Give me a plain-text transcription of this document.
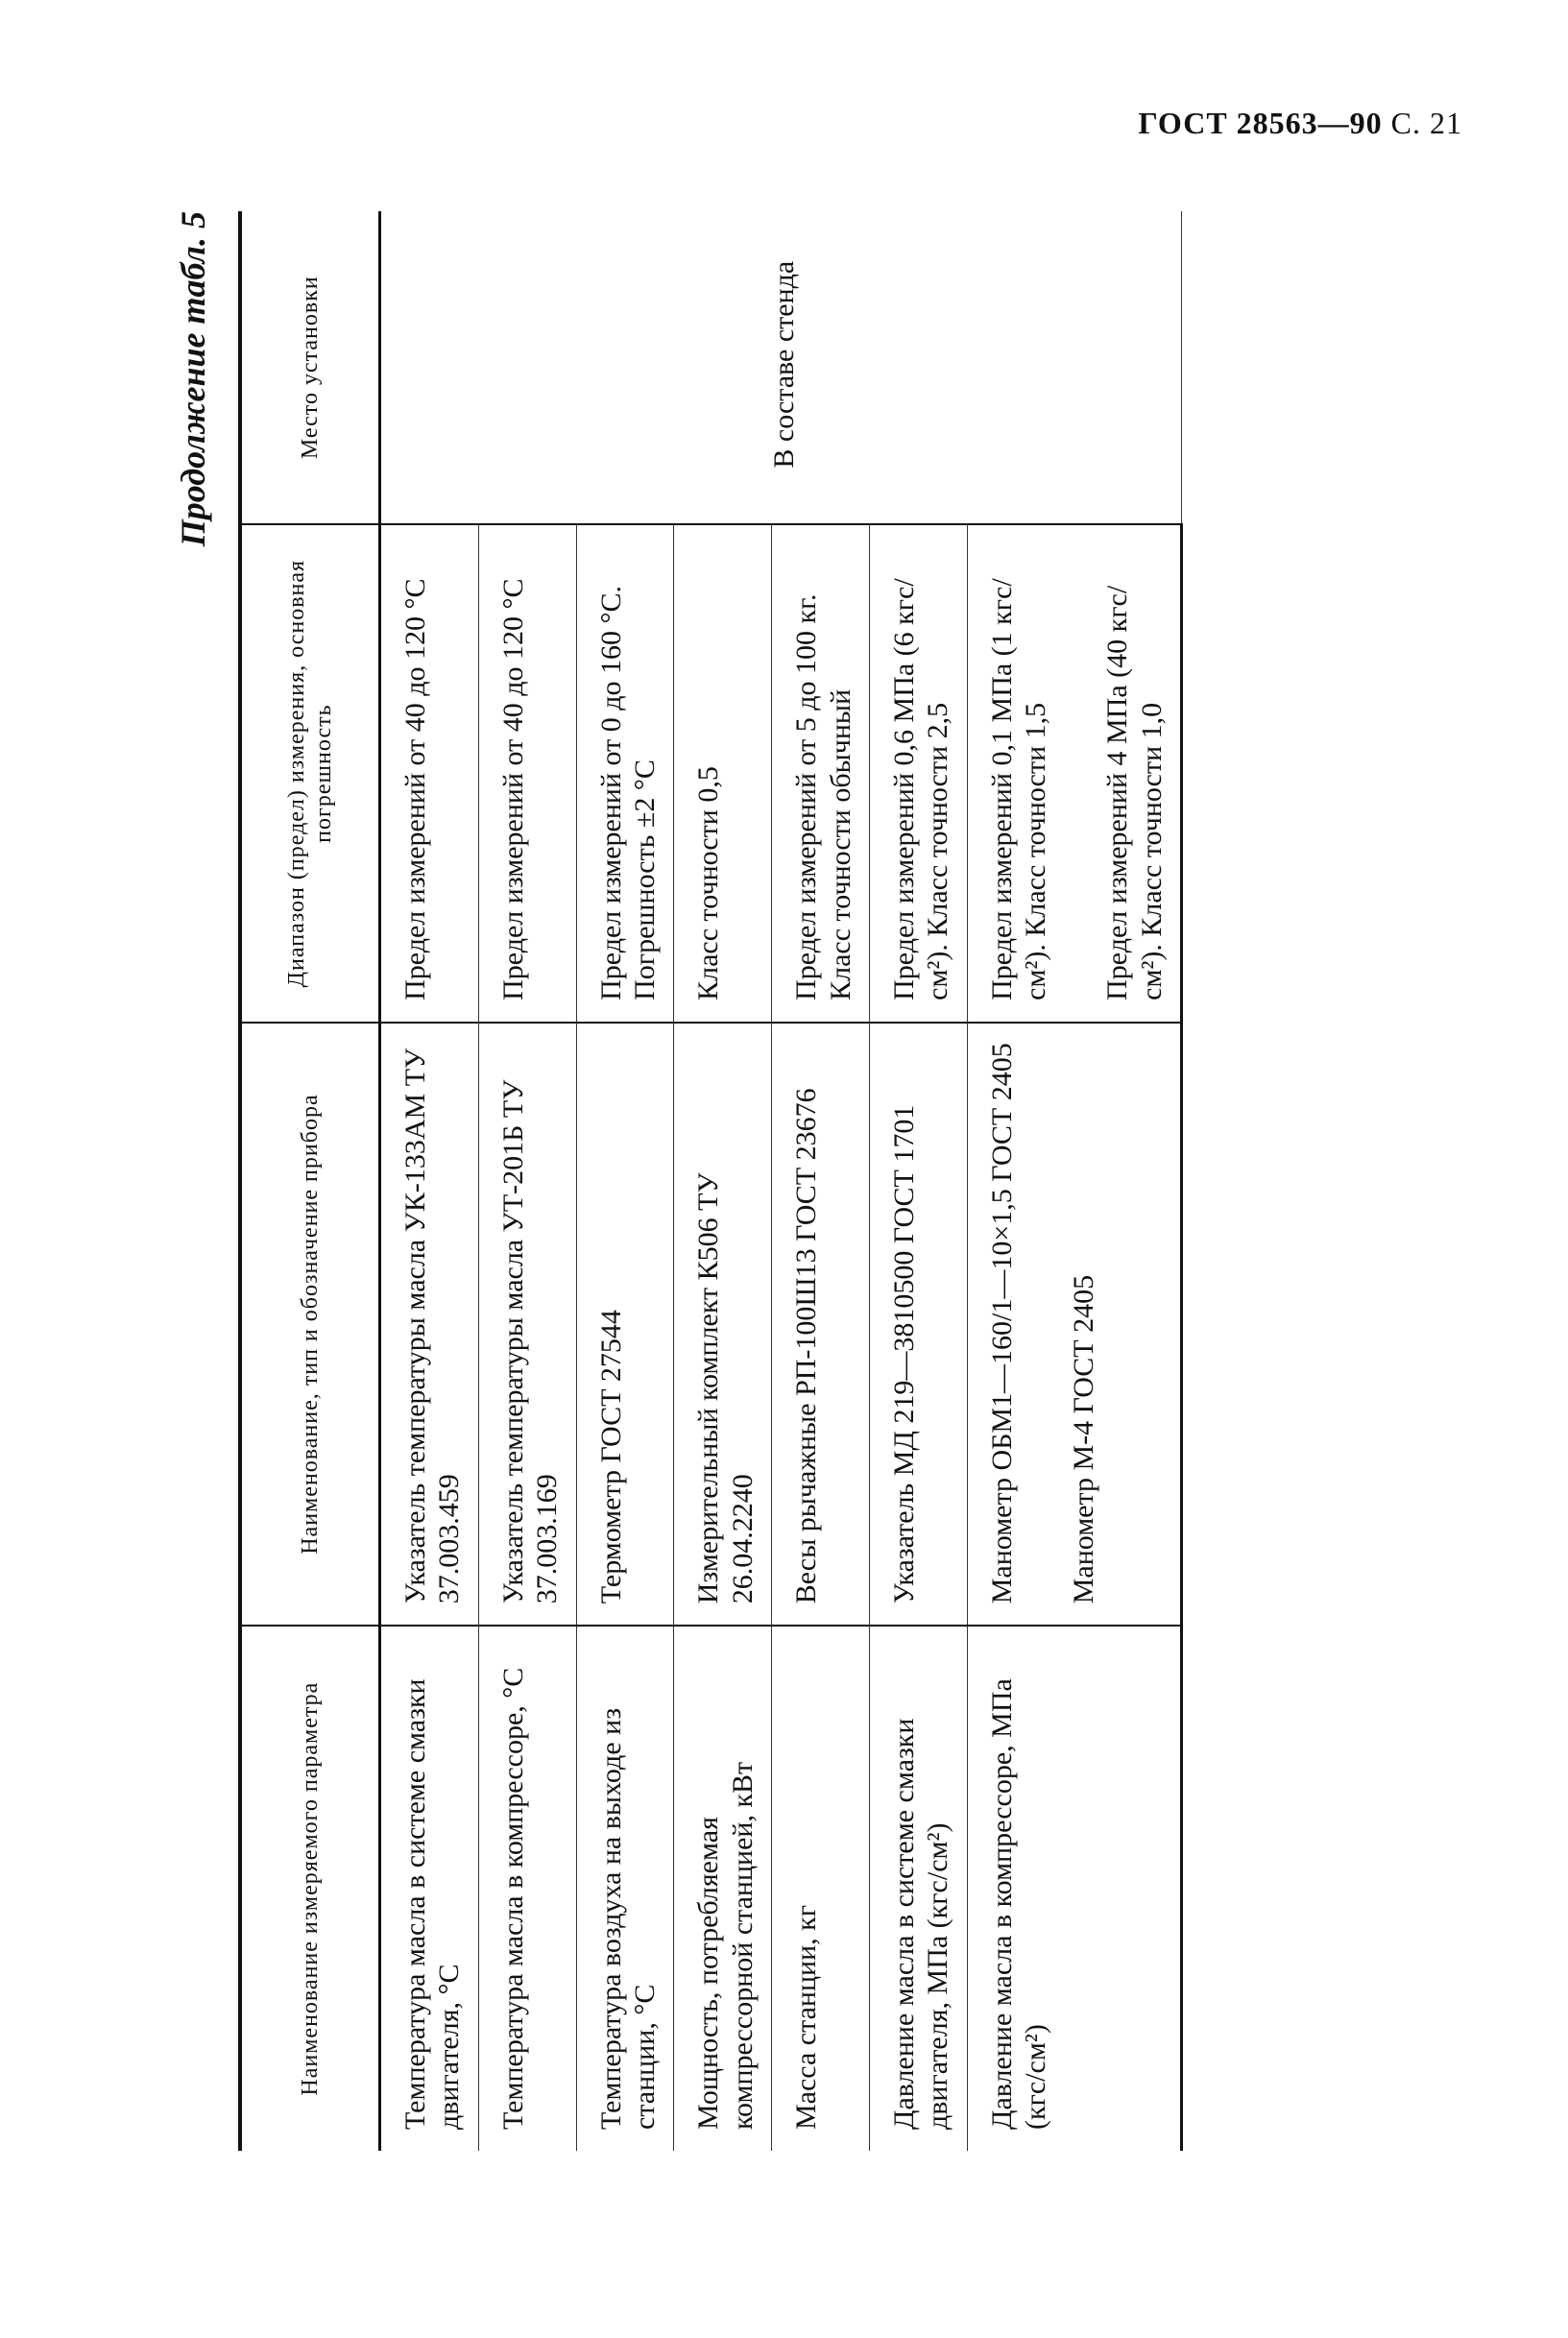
ГОСТ 28563—90 С. 21
Продолжение табл. 5
Наименование измеряемого параметра	Наименование, тип и обозначение прибора	Диапазон (предел) измерения, основная погрешность	Место установки
Температура масла в системе смазки двигателя, °С	Указатель температуры масла УК-133АМ ТУ 37.003.459	Предел измерений от 40 до 120 °С	В составе стенда
Температура масла в компрессоре, °С	Указатель температуры масла УТ-201Б ТУ 37.003.169	Предел измерений от 40 до 120 °С	
Температура воздуха на выходе из станции, °С	Термометр ГОСТ 27544	Предел измерений от 0 до 160 °С. Погрешность ±2 °С	
Мощность, потребляемая компрессорной станцией, кВт	Измерительный комплект К506 ТУ 26.04.2240	Класс точности 0,5	
Масса станции, кг	Весы рычажные РП-100Ш13 ГОСТ 23676	Предел измерений от 5 до 100 кг. Класс точности обычный	
Давление масла в системе смазки двигателя, МПа (кгс/см²)	Указатель МД 219—3810500 ГОСТ 1701	Предел измерений 0,6 МПа (6 кгс/см²). Класс точности 2,5	
Давление масла в компрессоре, МПа (кгс/см²)	Манометр ОБМ1—160/1—10×1,5 ГОСТ 2405 Манометр М-4 ГОСТ 2405	Предел измерений 0,1 МПа (1 кгс/см²). Класс точности 1,5 Предел измерений 4 МПа (40 кгс/см²). Класс точности 1,0	
